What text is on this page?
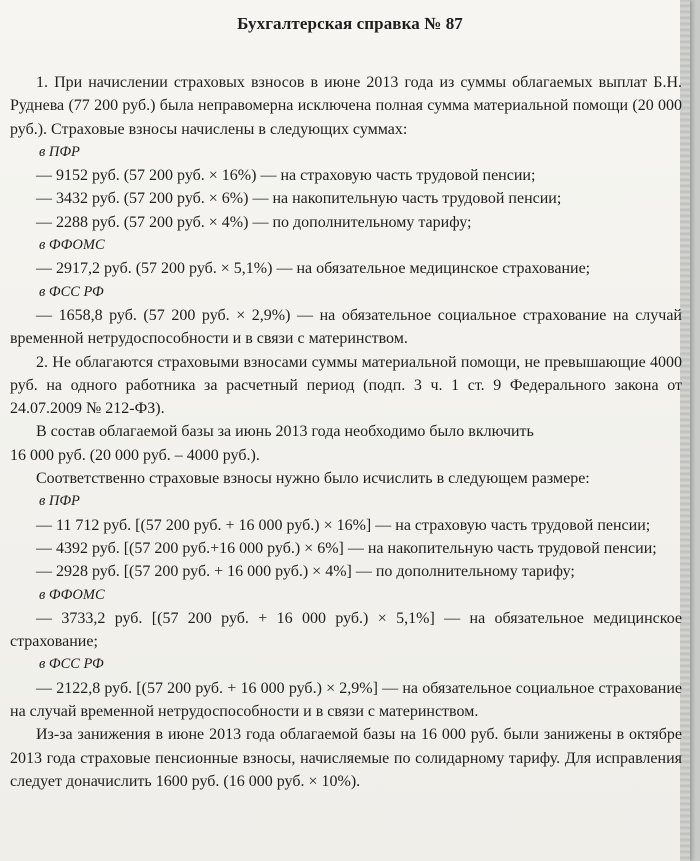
Бухгалтерская справка № 87

1. При начислении страховых взносов в июне 2013 года из суммы облагаемых выплат Б.Н. Руднева (77 200 руб.) была неправомерна исключена полная сумма материальной помощи (20 000 руб.). Страховые взносы начислены в следующих суммах:

в ПФР

— 9152 руб. (57 200 руб. × 16%) — на страховую часть трудовой пенсии;

— 3432 руб. (57 200 руб. × 6%) — на накопительную часть трудовой пенсии;

— 2288 руб. (57 200 руб. × 4%) — по дополнительному тарифу;

в ФФОМС

— 2917,2 руб. (57 200 руб. × 5,1%) — на обязательное медицинское страхование;

в ФСС РФ

— 1658,8 руб. (57 200 руб. × 2,9%) — на обязательное социальное страхование на случай временной нетрудоспособности и в связи с материнством.

2. Не облагаются страховыми взносами суммы материальной помощи, не превышающие 4000 руб. на одного работника за расчетный период (подп. 3 ч. 1 ст. 9 Федерального закона от 24.07.2009 № 212-ФЗ).

В состав облагаемой базы за июнь 2013 года необходимо было включить

16 000 руб. (20 000 руб. – 4000 руб.).

Соответственно страховые взносы нужно было исчислить в следующем размере:

в ПФР

— 11 712 руб. [(57 200 руб. + 16 000 руб.) × 16%] — на страховую часть трудовой пенсии;

— 4392 руб. [(57 200 руб.+16 000 руб.) × 6%] — на накопительную часть трудовой пенсии;

— 2928 руб. [(57 200 руб. + 16 000 руб.) × 4%] — по дополнительному тарифу;

в ФФОМС

— 3733,2 руб. [(57 200 руб. + 16 000 руб.) × 5,1%] — на обязательное медицинское страхование;

в ФСС РФ

— 2122,8 руб. [(57 200 руб. + 16 000 руб.) × 2,9%] — на обязательное социальное страхование на случай временной нетрудоспособности и в связи с материнством.

Из-за занижения в июне 2013 года облагаемой базы на 16 000 руб. были занижены в октябре 2013 года страховые пенсионные взносы, начисляемые по солидарному тарифу. Для исправления следует доначислить 1600 руб. (16 000 руб. × 10%).
